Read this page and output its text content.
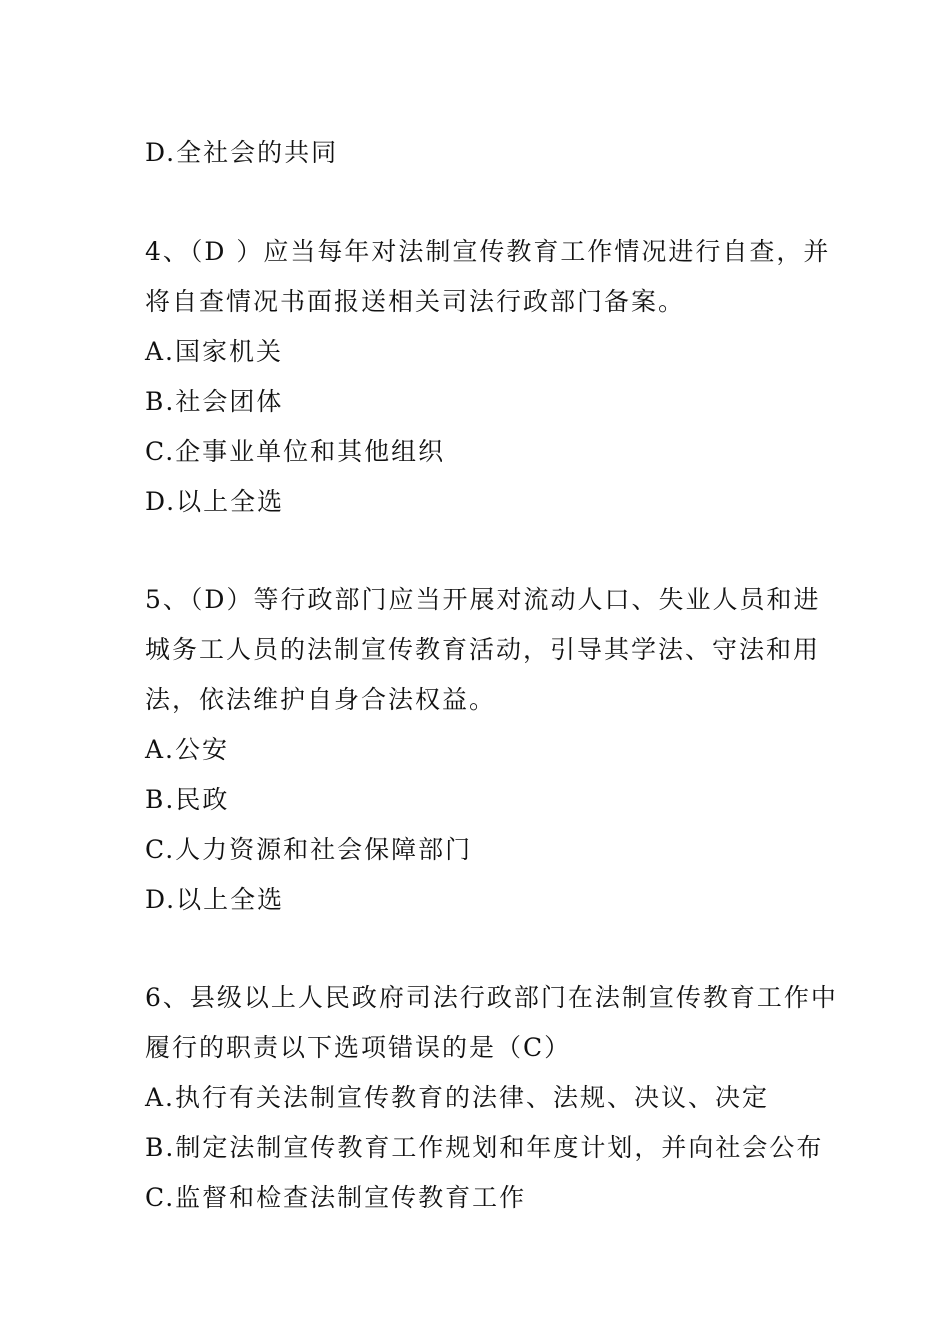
D.全社会的共同
4、（D ）应当每年对法制宣传教育工作情况进行自查，并
将自查情况书面报送相关司法行政部门备案。
A.国家机关
B.社会团体
C.企事业单位和其他组织
D.以上全选
5、（D）等行政部门应当开展对流动人口、失业人员和进
城务工人员的法制宣传教育活动，引导其学法、守法和用
法，依法维护自身合法权益。
A.公安
B.民政
C.人力资源和社会保障部门
D.以上全选
6、县级以上人民政府司法行政部门在法制宣传教育工作中
履行的职责以下选项错误的是（C）
A.执行有关法制宣传教育的法律、法规、决议、决定
B.制定法制宣传教育工作规划和年度计划，并向社会公布
C.监督和检查法制宣传教育工作
